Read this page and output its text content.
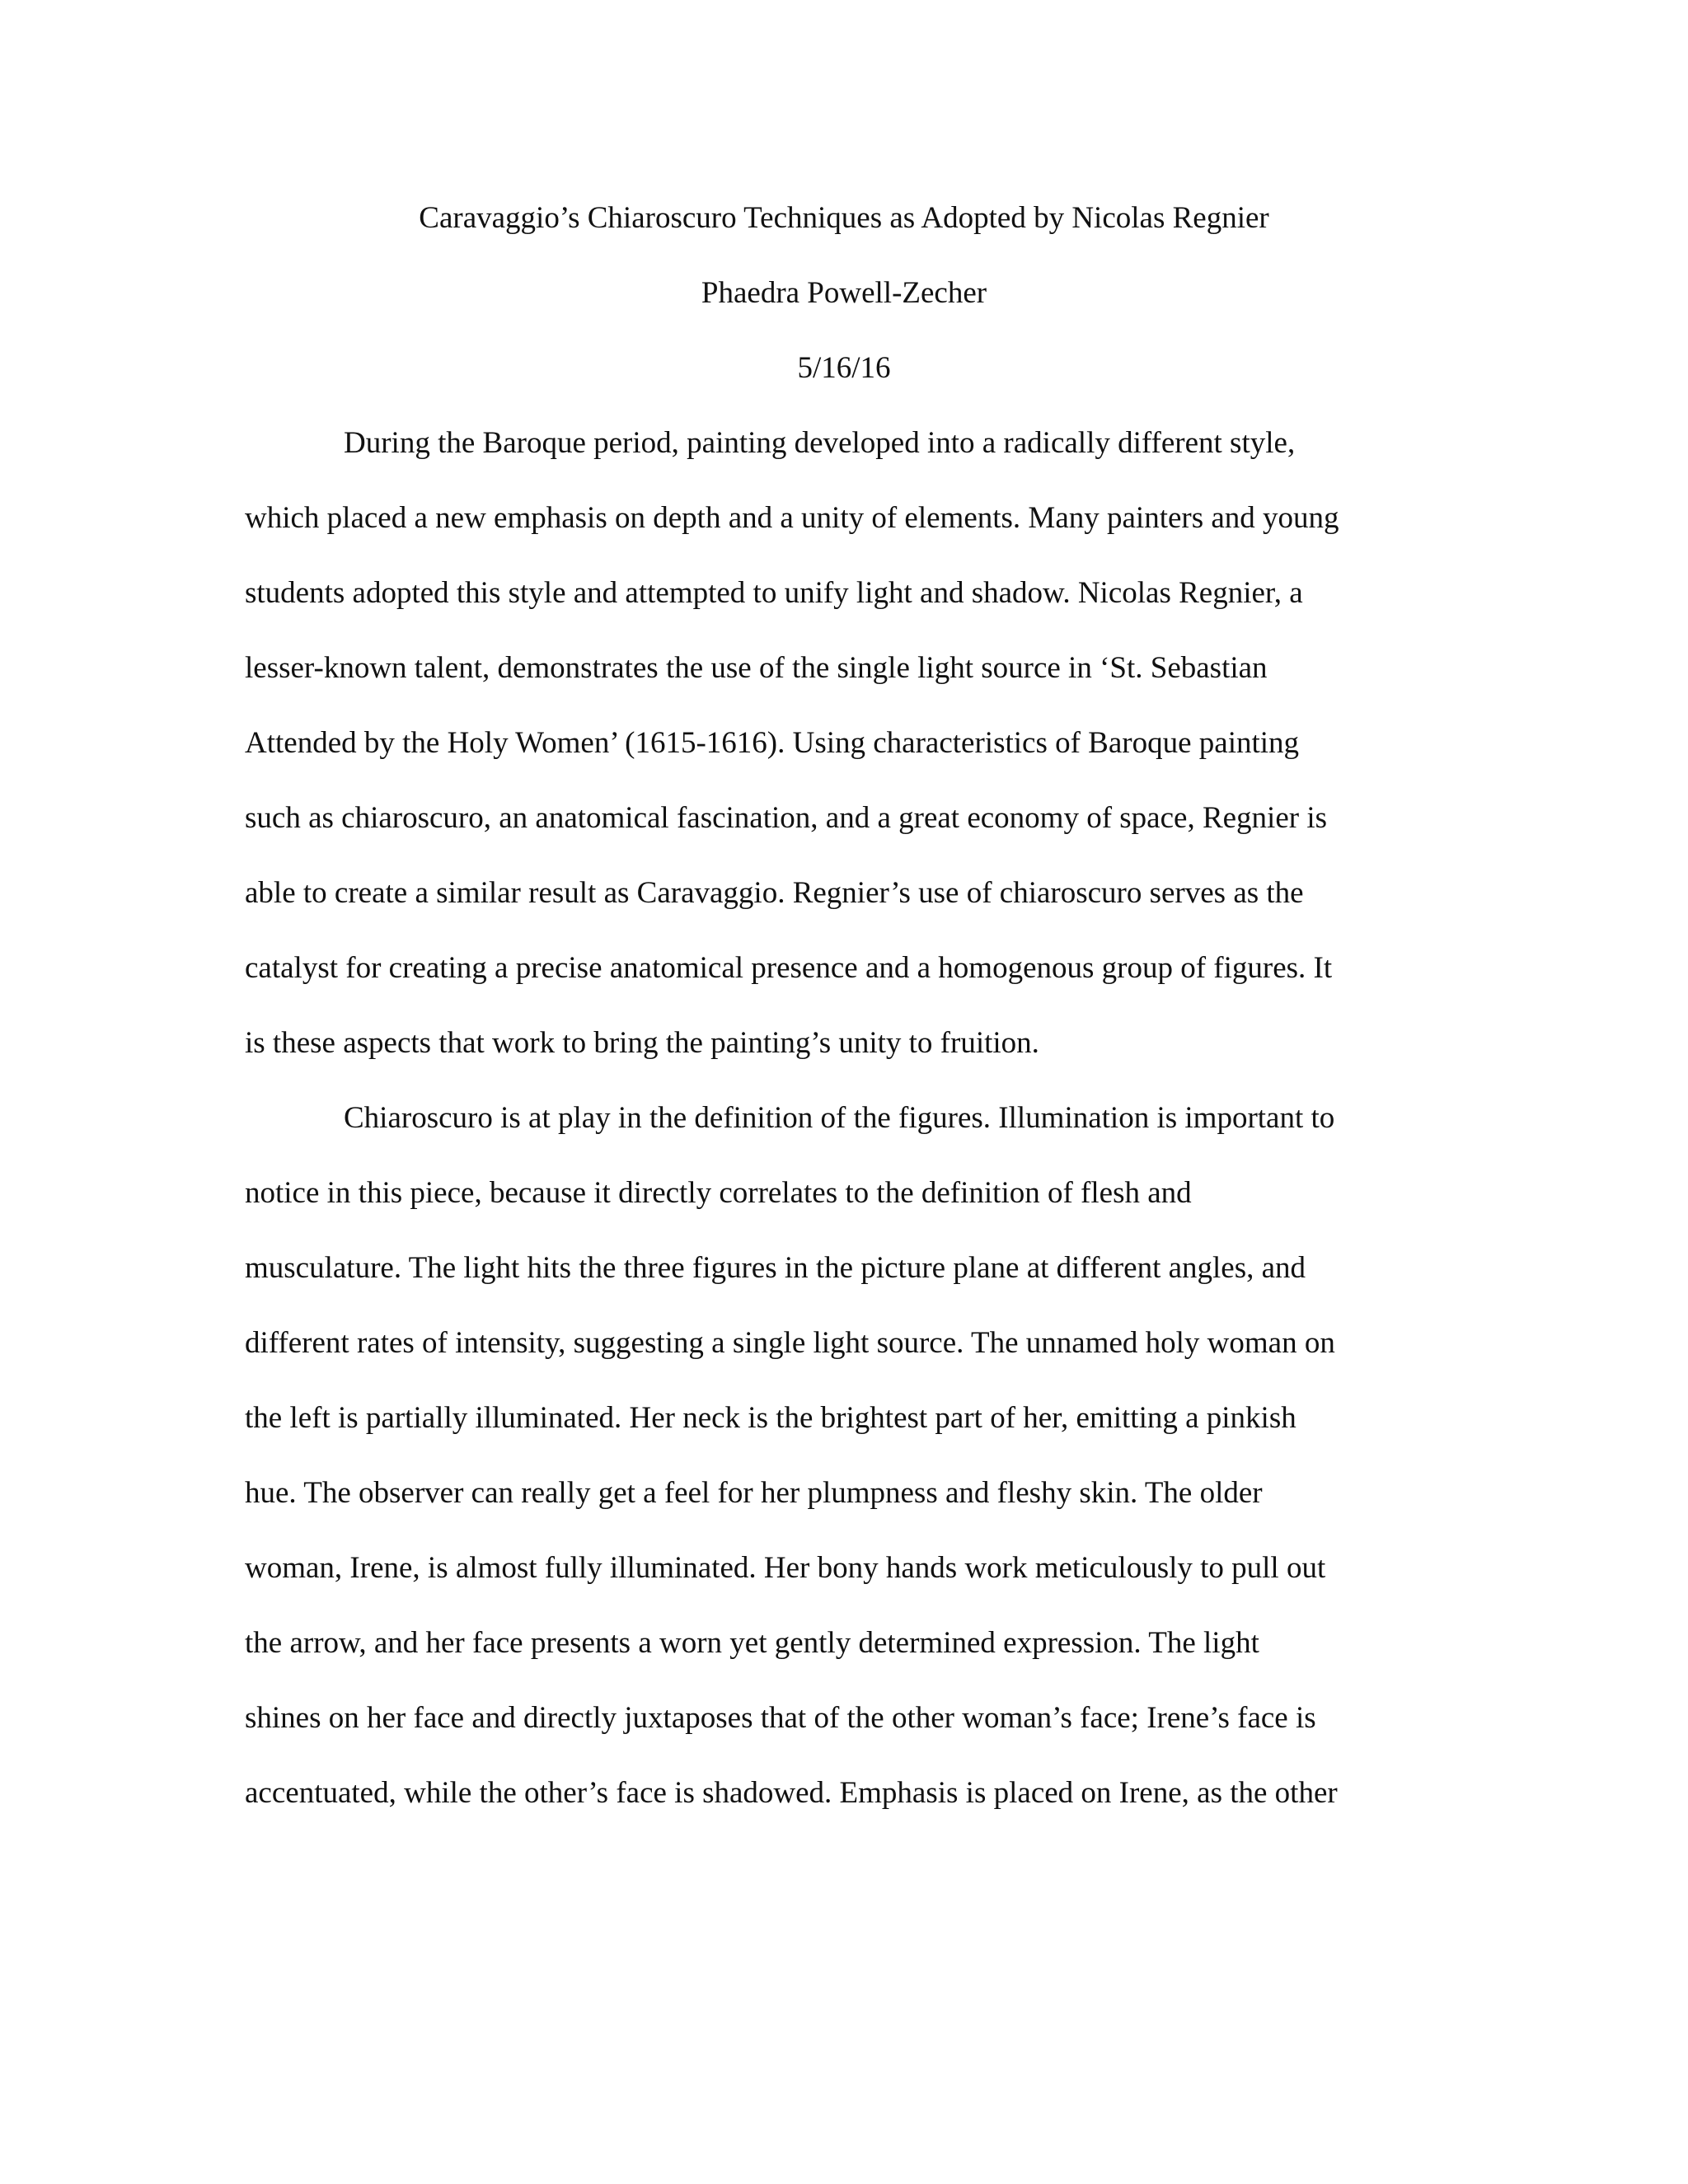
Caravaggio’s Chiaroscuro Techniques as Adopted by Nicolas Regnier
Phaedra Powell-Zecher
5/16/16
During the Baroque period, painting developed into a radically different style,
which placed a new emphasis on depth and a unity of elements. Many painters and young
students adopted this style and attempted to unify light and shadow. Nicolas Regnier, a
lesser-known talent, demonstrates the use of the single light source in ‘St. Sebastian
Attended by the Holy Women’ (1615-1616). Using characteristics of Baroque painting
such as chiaroscuro, an anatomical fascination, and a great economy of space, Regnier is
able to create a similar result as Caravaggio. Regnier’s use of chiaroscuro serves as the
catalyst for creating a precise anatomical presence and a homogenous group of figures. It
is these aspects that work to bring the painting’s unity to fruition.
Chiaroscuro is at play in the definition of the figures. Illumination is important to
notice in this piece, because it directly correlates to the definition of flesh and
musculature. The light hits the three figures in the picture plane at different angles, and
different rates of intensity, suggesting a single light source. The unnamed holy woman on
the left is partially illuminated. Her neck is the brightest part of her, emitting a pinkish
hue. The observer can really get a feel for her plumpness and fleshy skin. The older
woman, Irene, is almost fully illuminated. Her bony hands work meticulously to pull out
the arrow, and her face presents a worn yet gently determined expression. The light
shines on her face and directly juxtaposes that of the other woman’s face; Irene’s face is
accentuated, while the other’s face is shadowed. Emphasis is placed on Irene, as the other
